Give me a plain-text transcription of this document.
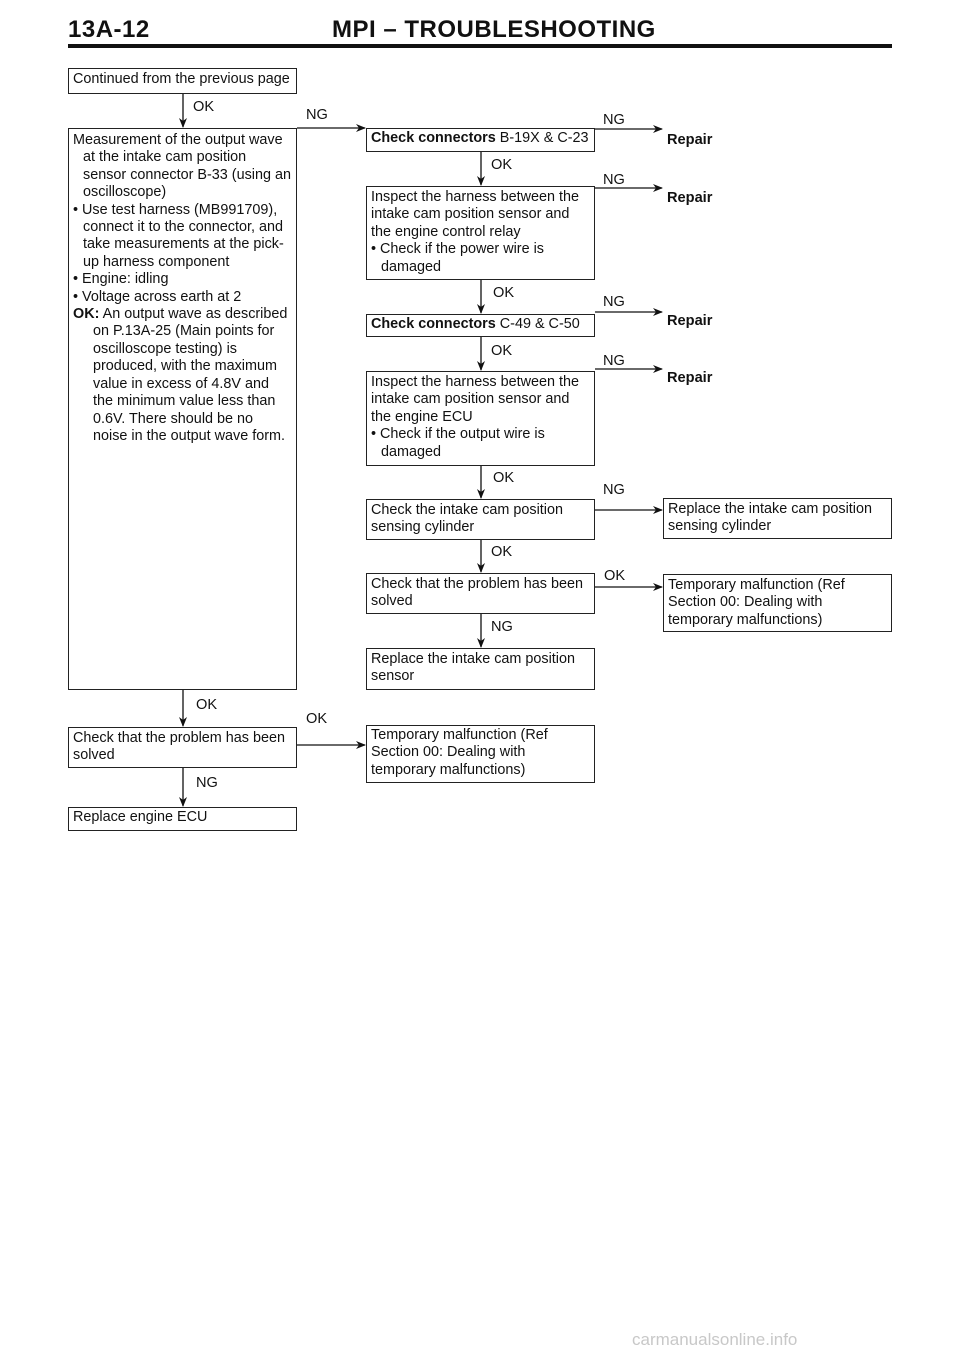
13A-12	MPI – TROUBLESHOOTING

Continued from the previous page

Measurement of the output wave

at the intake cam position

sensor connector B-33 (using an

oscilloscope)

• Use test harness (MB991709),

connect it to the connector, and

take measurements at the pick-

up harness component

• Engine: idling

• Voltage across earth at 2

OK: An output wave as described

on P.13A-25 (Main points for

oscilloscope testing) is

produced, with the maximum

value in excess of 4.8V and

the minimum value less than

0.6V. There should be no

noise in the output wave form.

Check that the problem has been

solved

Replace engine ECU

Check connectors B-19X & C-23

Inspect the harness between the

intake cam position sensor and

the engine control relay

• Check if the power wire is

damaged

Check connectors C-49 & C-50

Inspect the harness between the

intake cam position sensor and

the engine ECU

• Check if the output wire is

damaged

Check the intake cam position

sensing cylinder

Check that the problem has been

solved

Replace the intake cam position

sensor

Temporary malfunction (Ref

Section 00: Dealing with

temporary malfunctions)

Replace the intake cam position

sensing cylinder

Temporary malfunction (Ref

Section 00: Dealing with

temporary malfunctions)

Repair
Repair
Repair
Repair
OK	NG	NG
OK
NG
OK
NG
OK
NG
OK
NG
OK
OK
NG
OK
OK
NG
carmanualsonline.info
